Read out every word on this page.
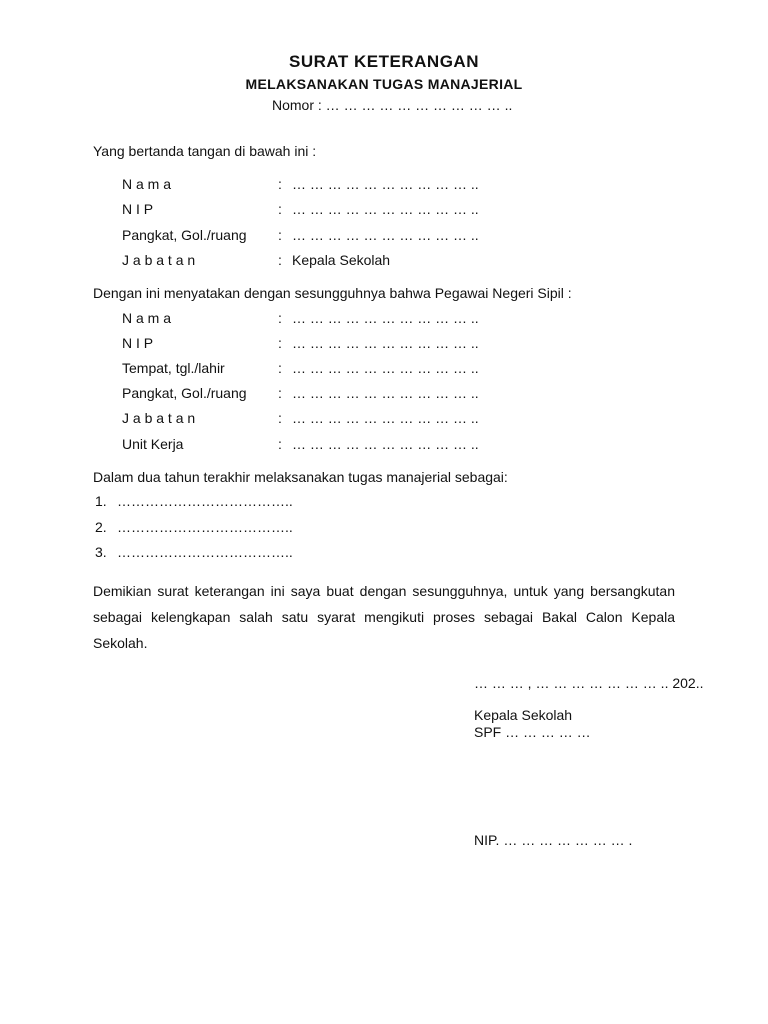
SURAT KETERANGAN
MELAKSANAKAN TUGAS MANAJERIAL
Nomor : … … … … … … … … … … ..
Yang bertanda tangan di bawah ini :
N a m a	: … … … … … … … … … … ..
N I P	: … … … … … … … … … … ..
Pangkat, Gol./ruang : … … … … … … … … … … ..
J a b a t a n	: Kepala Sekolah
Dengan ini menyatakan dengan sesungguhnya bahwa Pegawai Negeri Sipil :
N a m a	: … … … … … … … … … … ..
N I P	: … … … … … … … … … … ..
Tempat, tgl./lahir	: … … … … … … … … … … ..
Pangkat, Gol./ruang : … … … … … … … … … … ..
J a b a t a n	: … … … … … … … … … … ..
Unit Kerja	: … … … … … … … … … … ..
Dalam dua tahun terakhir melaksanakan tugas manajerial sebagai:
1. ………………………………..
2. ………………………………..
3. ………………………………..
Demikian surat keterangan ini saya buat dengan sesungguhnya, untuk yang bersangkutan sebagai kelengkapan salah satu syarat mengikuti proses sebagai Bakal Calon Kepala Sekolah.
… … … , … … … … … … … .. 202..
Kepala Sekolah
SPF … … … … …
NIP. … … … … … … … .
